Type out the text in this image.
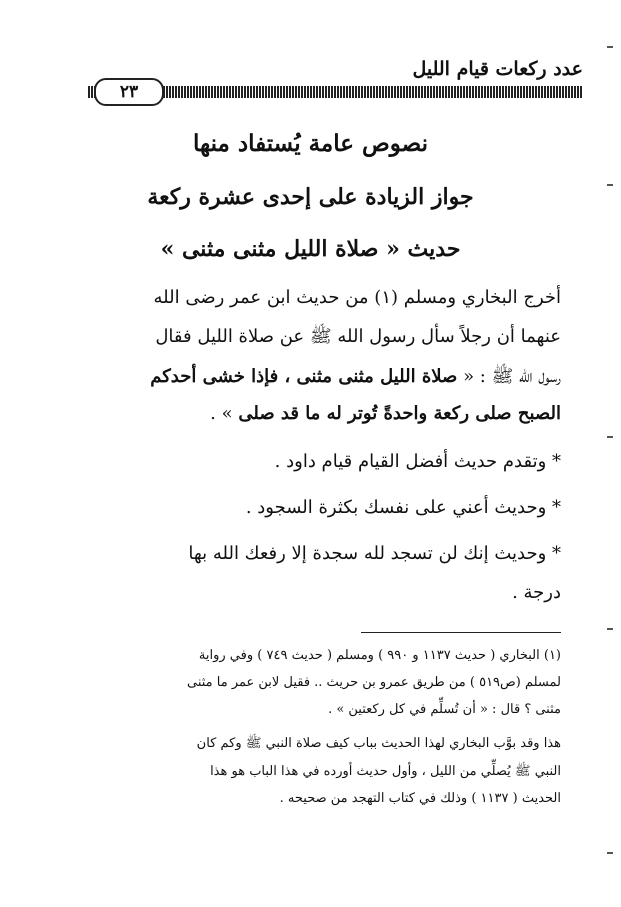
عدد ركعات قيام الليل
٢٣
نصوص عامة يُستفاد منها
جواز الزيادة على إحدى عشرة ركعة
حديث « صلاة الليل مثنى مثنى »
أخرج البخاري ومسلم (١) من حديث ابن عمر رضى الله
عنهما أن رجلاً سأل رسول الله ﷺ عن صلاة الليل فقال
رسول الله ﷺ : « صلاة الليل مثنى مثنى ، فإذا خشى أحدكم
الصبح صلى ركعة واحدةً تُوتر له ما قد صلى » .
* وتقدم حديث أفضل القيام قيام داود .
* وحديث أعني على نفسك بكثرة السجود .
* وحديث إنك لن تسجد لله سجدة إلا رفعك الله بها
درجة .
(١) البخاري ( حديث ١١٣٧ و ٩٩٠ ) ومسلم ( حديث ٧٤٩ ) وفي رواية
لمسلم (ص٥١٩ ) من طريق عمرو بن حريث .. فقيل لابن عمر ما مثنى
مثنى ؟ قال : « أن تُسلِّم في كل ركعتين » .
هذا وقد بوَّب البخاري لهذا الحديث بباب كيف صلاة النبي ﷺ وكم كان
النبي ﷺ يُصلِّي من الليل ، وأول حديث أورده في هذا الباب هو هذا
الحديث ( ١١٣٧ ) وذلك في كتاب التهجد من صحيحه .
